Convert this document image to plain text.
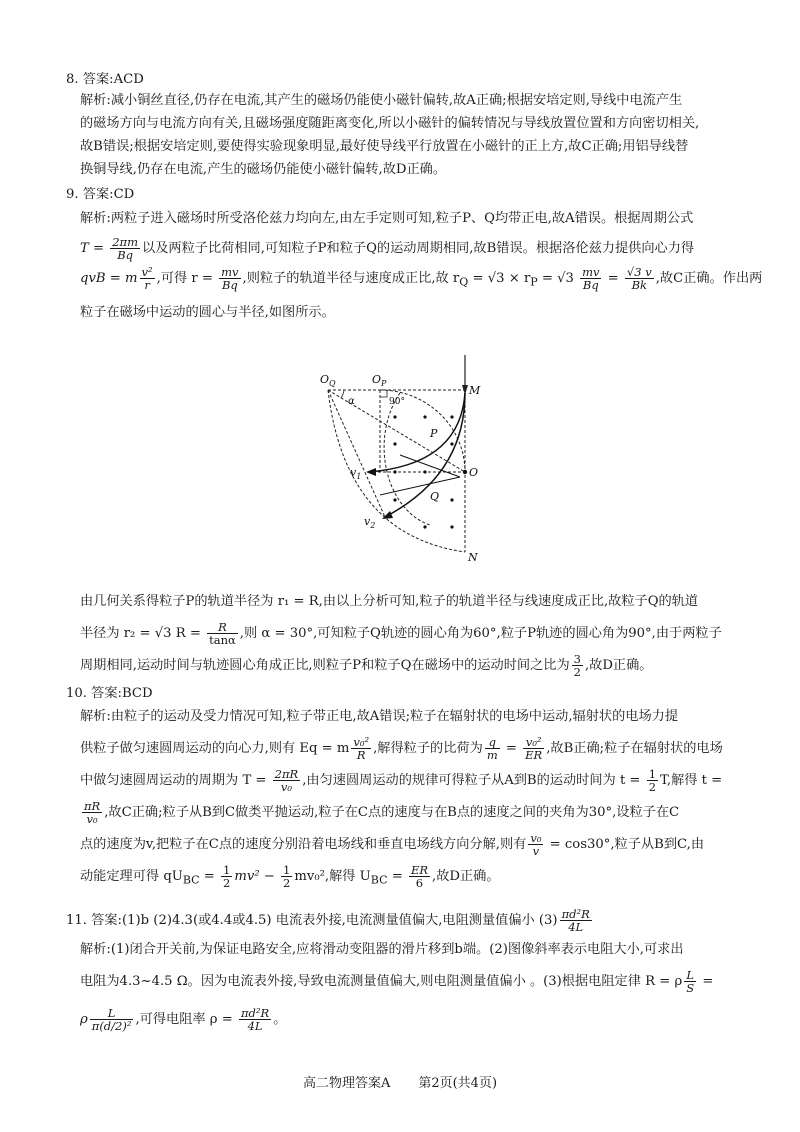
8. 答案:ACD

解析:减小铜丝直径,仍存在电流,其产生的磁场仍能使小磁针偏转,故A正确;根据安培定则,导线中电流产生
的磁场方向与电流方向有关,且磁场强度随距离变化,所以小磁针的偏转情况与导线放置位置和方向密切相关,
故B错误;根据安培定则,要使得实验现象明显,最好使导线平行放置在小磁针的正上方,故C正确;用铝导线替
换铜导线,仍存在电流,产生的磁场仍能使小磁针偏转,故D正确。

9. 答案:CD

解析:两粒子进入磁场时所受洛伦兹力均向左,由左手定则可知,粒子P、Q均带正电,故A错误。根据周期公式
$T = \frac{2\pi m}{Bq}$ 以及两粒子比荷相同,可知粒子P和粒子Q的运动周期相同,故B错误。根据洛伦兹力提供向心力得
qvB = m $\frac{\text{v²}}{r}$ ,可得 $r = \frac{mv}{Bq}$ ,则粒子的轨道半径与速度成正比,故 $r_Q = √3 \times r_P = √3 \frac{mv}{Bq} = \frac{√3 v}{Bk}$ ,故C正确。作出两
粒子在磁场中运动的圆心与半径,如图所示。

$O_Q$	$O_P$
M
O
N
P
Q
α	90°
$v_1$
$v_2$

由几何关系得粒子P的轨道半径为 r₁ = R,由以上分析可知,粒子的轨道半径与线速度成正比,故粒子Q的轨道
半径为 r₂ = √3 $R = \frac{R}{\tan\alpha}$ ,则 α = 30°,可知粒子Q轨迹的圆心角为60°,粒子P轨迹的圆心角为90°,由于两粒子
周期相同,运动时间与轨迹圆心角成正比,则粒子P和粒子Q在磁场中的运动时间之比为 $\frac{3}{2}$ ,故D正确。

10. 答案:BCD

解析:由粒子的运动及受力情况可知,粒子带正电,故A错误;粒子在辐射状的电场中运动,辐射状的电场力提
供粒子做匀速圆周运动的向心力,则有 Eq = m $\frac{\text{v₀²}}{R}$ ,解得粒子的比荷为 $\frac{q}{m} = \frac{\text{v₀²}}{ER}$ ,故B正确;粒子在辐射状的电场
中做匀速圆周运动的周期为 $T = \frac{2\pi R}{\text{v₀}}$ ,由匀速圆周运动的规律可得粒子从A到B的运动时间为 $t = \frac{1}{2} T$,解得 t =
$\frac{\pi R}{\text{v₀}}$ ,故C正确;粒子从B到C做类平抛运动,粒子在C点的速度与在B点的速度之间的夹角为30°,设粒子在C
点的速度为v,把粒子在C点的速度分别沿着电场线和垂直电场线方向分解,则有 $\frac{\text{v₀}}{v} = \cos 30^\circ$,粒子从B到C,由
动能定理可得 $qU_{BC} = \frac{1}{2} mv^2 - \frac{1}{2} mv_0^2$,解得 $U_{BC} = \frac{ER}{6}$ ,故D正确。

11. 答案:(1)b (2)4.3(或4.4或4.5) 电流表外接,电流测量值偏大,电阻测量值偏小 $(3) \frac{\text{πd²R}}{4L}$

解析:(1)闭合开关前,为保证电路安全,应将滑动变阻器的滑片移到b端。(2)图像斜率表示电阻大小,可求出
电阻为4.3~4.5 Ω。因为电流表外接,导致电流测量值偏大,则电阻测量值偏小 。(3)根据电阻定律 R = ρ $\frac{L}{S}$ =
ρ $\frac{L}{\text{π(d/2)²}}$ ,可得电阻率 $\rho = \frac{\text{πd²R}}{4L}$ 。

高二物理答案A 第2页(共4页)
